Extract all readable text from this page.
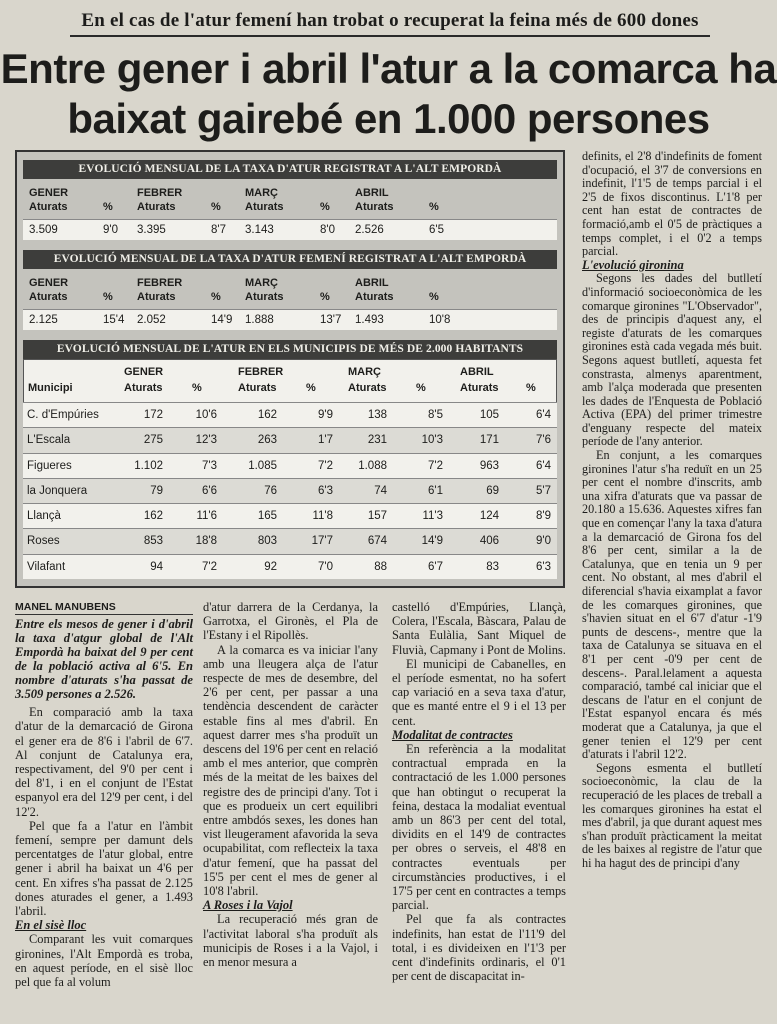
En el cas de l'atur femení han trobat o recuperat la feina més de 600 dones
Entre gener i abril l'atur a la comarca ha
baixat gairebé en 1.000 persones
EVOLUCIÓ MENSUAL DE LA TAXA D'ATUR REGISTRAT A L'ALT EMPORDÀ
GENER
Aturats	%
FEBRER
Aturats	%
MARÇ
Aturats	%
ABRIL
Aturats	%
3.509	9'0 3.395	8'7 3.143	8'0 2.526	6'5
EVOLUCIÓ MENSUAL DE LA TAXA D'ATUR FEMENÍ REGISTRAT A L'ALT EMPORDÀ
GENER
Aturats	%
FEBRER
Aturats	%
MARÇ
Aturats	%
ABRIL
Aturats	%
2.125	15'4 2.052	14'9 1.888	13'7 1.493	10'8
EVOLUCIÓ MENSUAL DE L'ATUR EN ELS MUNICIPIS DE MÉS DE 2.000 HABITANTS
Municipi
GENER
Aturats	%
FEBRER
Aturats	%
MARÇ
Aturats	%
ABRIL
Aturats %
C. d'Empúries	172	10'6	162	9'9	138	8'5	105	6'4
L'Escala	275	12'3	263	1'7	231	10'3	171	7'6
Figueres	1.102	7'3	1.085	7'2	1.088	7'2	963	6'4
la Jonquera	79	6'6	76	6'3	74	6'1	69	5'7
Llançà	162	11'6	165	11'8	157	11'3	124	8'9
Roses	853	18'8	803	17'7	674	14'9	406	9'0
Vilafant	94	7'2	92	7'0	88	6'7	83	6'3
MANEL MANUBENS
Entre els mesos de gener i d'abril la taxa d'atgur global de l'Alt Empordà ha baixat del 9 per cent de la població activa al 6'5. En nombre d'aturats s'ha passat de 3.509 persones a 2.526.

En comparació amb la taxa d'atur de la demarcació de Girona el gener era de 8'6 i l'abril de 6'7. Al conjunt de Catalunya era, respectivament, del 9'0 per cent i del 8'1, i en el conjunt de l'Estat espanyol era del 12'9 per cent, i del 12'2.

Pel que fa a l'atur en l'àmbit femení, sempre per damunt dels percentatges de l'atur global, entre gener i abril ha baixat un 4'6 per cent. En xifres s'ha passat de 2.125 dones aturades el gener, a 1.493 l'abril.

En el sisè lloc

Comparant les vuit comarques gironines, l'Alt Empordà es troba, en aquest període, en el sisè lloc pel que fa al volum

d'atur darrera de la Cerdanya, la Garrotxa, el Gironès, el Pla de l'Estany i el Ripollès.

A la comarca es va iniciar l'any amb una lleugera alça de l'atur respecte de mes de desembre, del 2'6 per cent, per passar a una tendència descendent de caràcter estable fins al mes d'abril. En aquest darrer mes s'ha produït un descens del 19'6 per cent en relació amb el mes anterior, que comprèn més de la meitat de les baixes del registre des de principi d'any. Tot i que es produeix un cert equilibri entre ambdós sexes, les dones han vist lleugerament afavorida la seva ocupabilitat, com reflecteix la taxa d'atur femení, que ha passat del 15'5 per cent el mes de gener al 10'8 l'abril.

A Roses i la Vajol

La recuperació més gran de l'activitat laboral s'ha produït als municipis de Roses i a la Vajol, i en menor mesura a

castelló d'Empúries, Llançà, Colera, l'Escala, Bàscara, Palau de Santa Eulàlia, Sant Miquel de Fluvià, Capmany i Pont de Molins.

El municipi de Cabanelles, en el període esmentat, no ha sofert cap variació en a seva taxa d'atur, que es manté entre el 9 i el 13 per cent.

Modalitat de contractes

En referència a la modalitat contractual emprada en la contractació de les 1.000 persones que han obtingut o recuperat la feina, destaca la modaliat eventual amb un 86'3 per cent del total, dividits en el 14'9 de contractes per obres o serveis, el 48'8 en contractes eventuals per circumstàncies productives, i el 17'5 per cent en contractes a temps parcial.

Pel que fa als contractes indefinits, han estat de l'11'9 del total, i es divideixen en l'1'3 per cent d'indefinits ordinaris, el 0'1 per cent de discapacitat in-

definits, el 2'8 d'indefinits de foment d'ocupació, el 3'7 de conversions en indefinit, l'1'5 de temps parcial i el 2'5 de fixos discontinus. L'1'8 per cent han estat de contractes de formació,amb el 0'5 de pràctiques a temps complet, i el 0'2 a temps parcial.

L'evolució gironina

Segons les dades del butlletí d'informació socioeconòmica de les comarque gironines "L'Observador", des de principis d'aquest any, el registe d'aturats de les comarques gironines està cada vegada més buit. Segons aquest butlletí, aquesta fet constrasta, almenys aparentment, amb l'alça moderada que presenten les dades de l'Enquesta de Població Activa (EPA) del primer trimestre d'enguany respecte del mateix període de l'any anterior.

En conjunt, a les comarques gironines l'atur s'ha reduït en un 25 per cent el nombre d'inscrits, amb una xifra d'aturats que va passar de 20.180 a 15.636. Aquestes xifres fan que en començar l'any la taxa d'atura a la demarcació de Girona fos del 8'6 per cent, similar a la de Catalunya, que en tenia un 9 per cent. No obstant, al mes d'abril el diferencial s'havia eixamplat a favor de les comarques gironines, que s'havien situat en el 6'7 d'atur -1'9 punts de descens-, mentre que la taxa de Catalunya se situava en el 8'1 per cent -0'9 per cent de descens-. Paral.lelament a aquesta comparació, també cal iniciar que el descans de l'atur en el conjunt de l'Estat espanyol encara és més moderat que a Catalunya, ja que el gener tenien el 12'9 per cent d'aturats i l'abril 12'2.

Segons esmenta el butlletí socioeconòmic, la clau de la recuperació de les places de treball a les comarques gironines ha estat el mes d'abril, ja que durant aquest mes s'han produït pràcticament la meitat de les baixes al registre de l'atur que hi ha hagut des de principi d'any
